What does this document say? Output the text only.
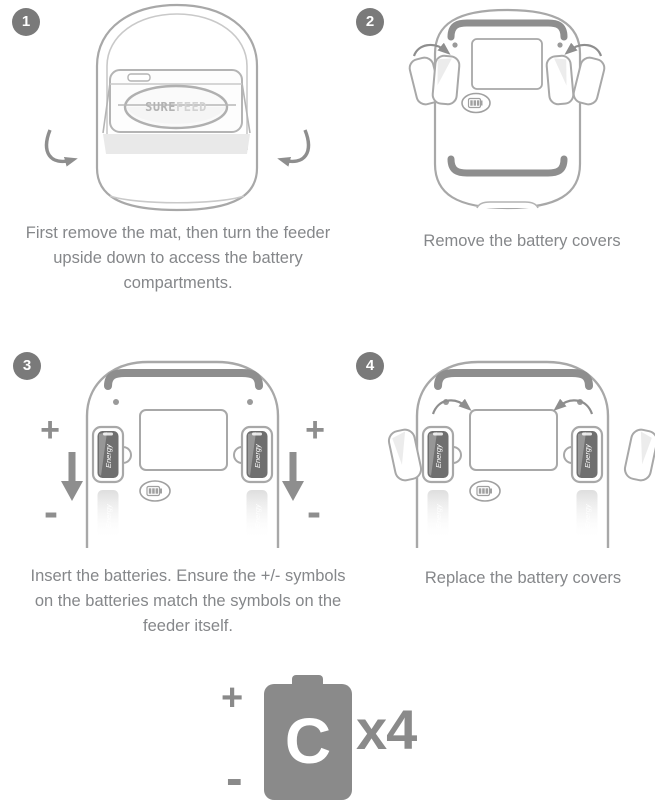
1
SUREFEED
First remove the mat, then turn the feeder upside down to access the battery compartments.
2
Remove the battery covers
3
Energy
Energy
Energy
Energy
+	+
-	-
Insert the batteries. Ensure the +/- symbols on the batteries match the symbols on the feeder itself.
4
Energy
Energy
Energy
Energy
Replace the battery covers
+
C
-
x4
